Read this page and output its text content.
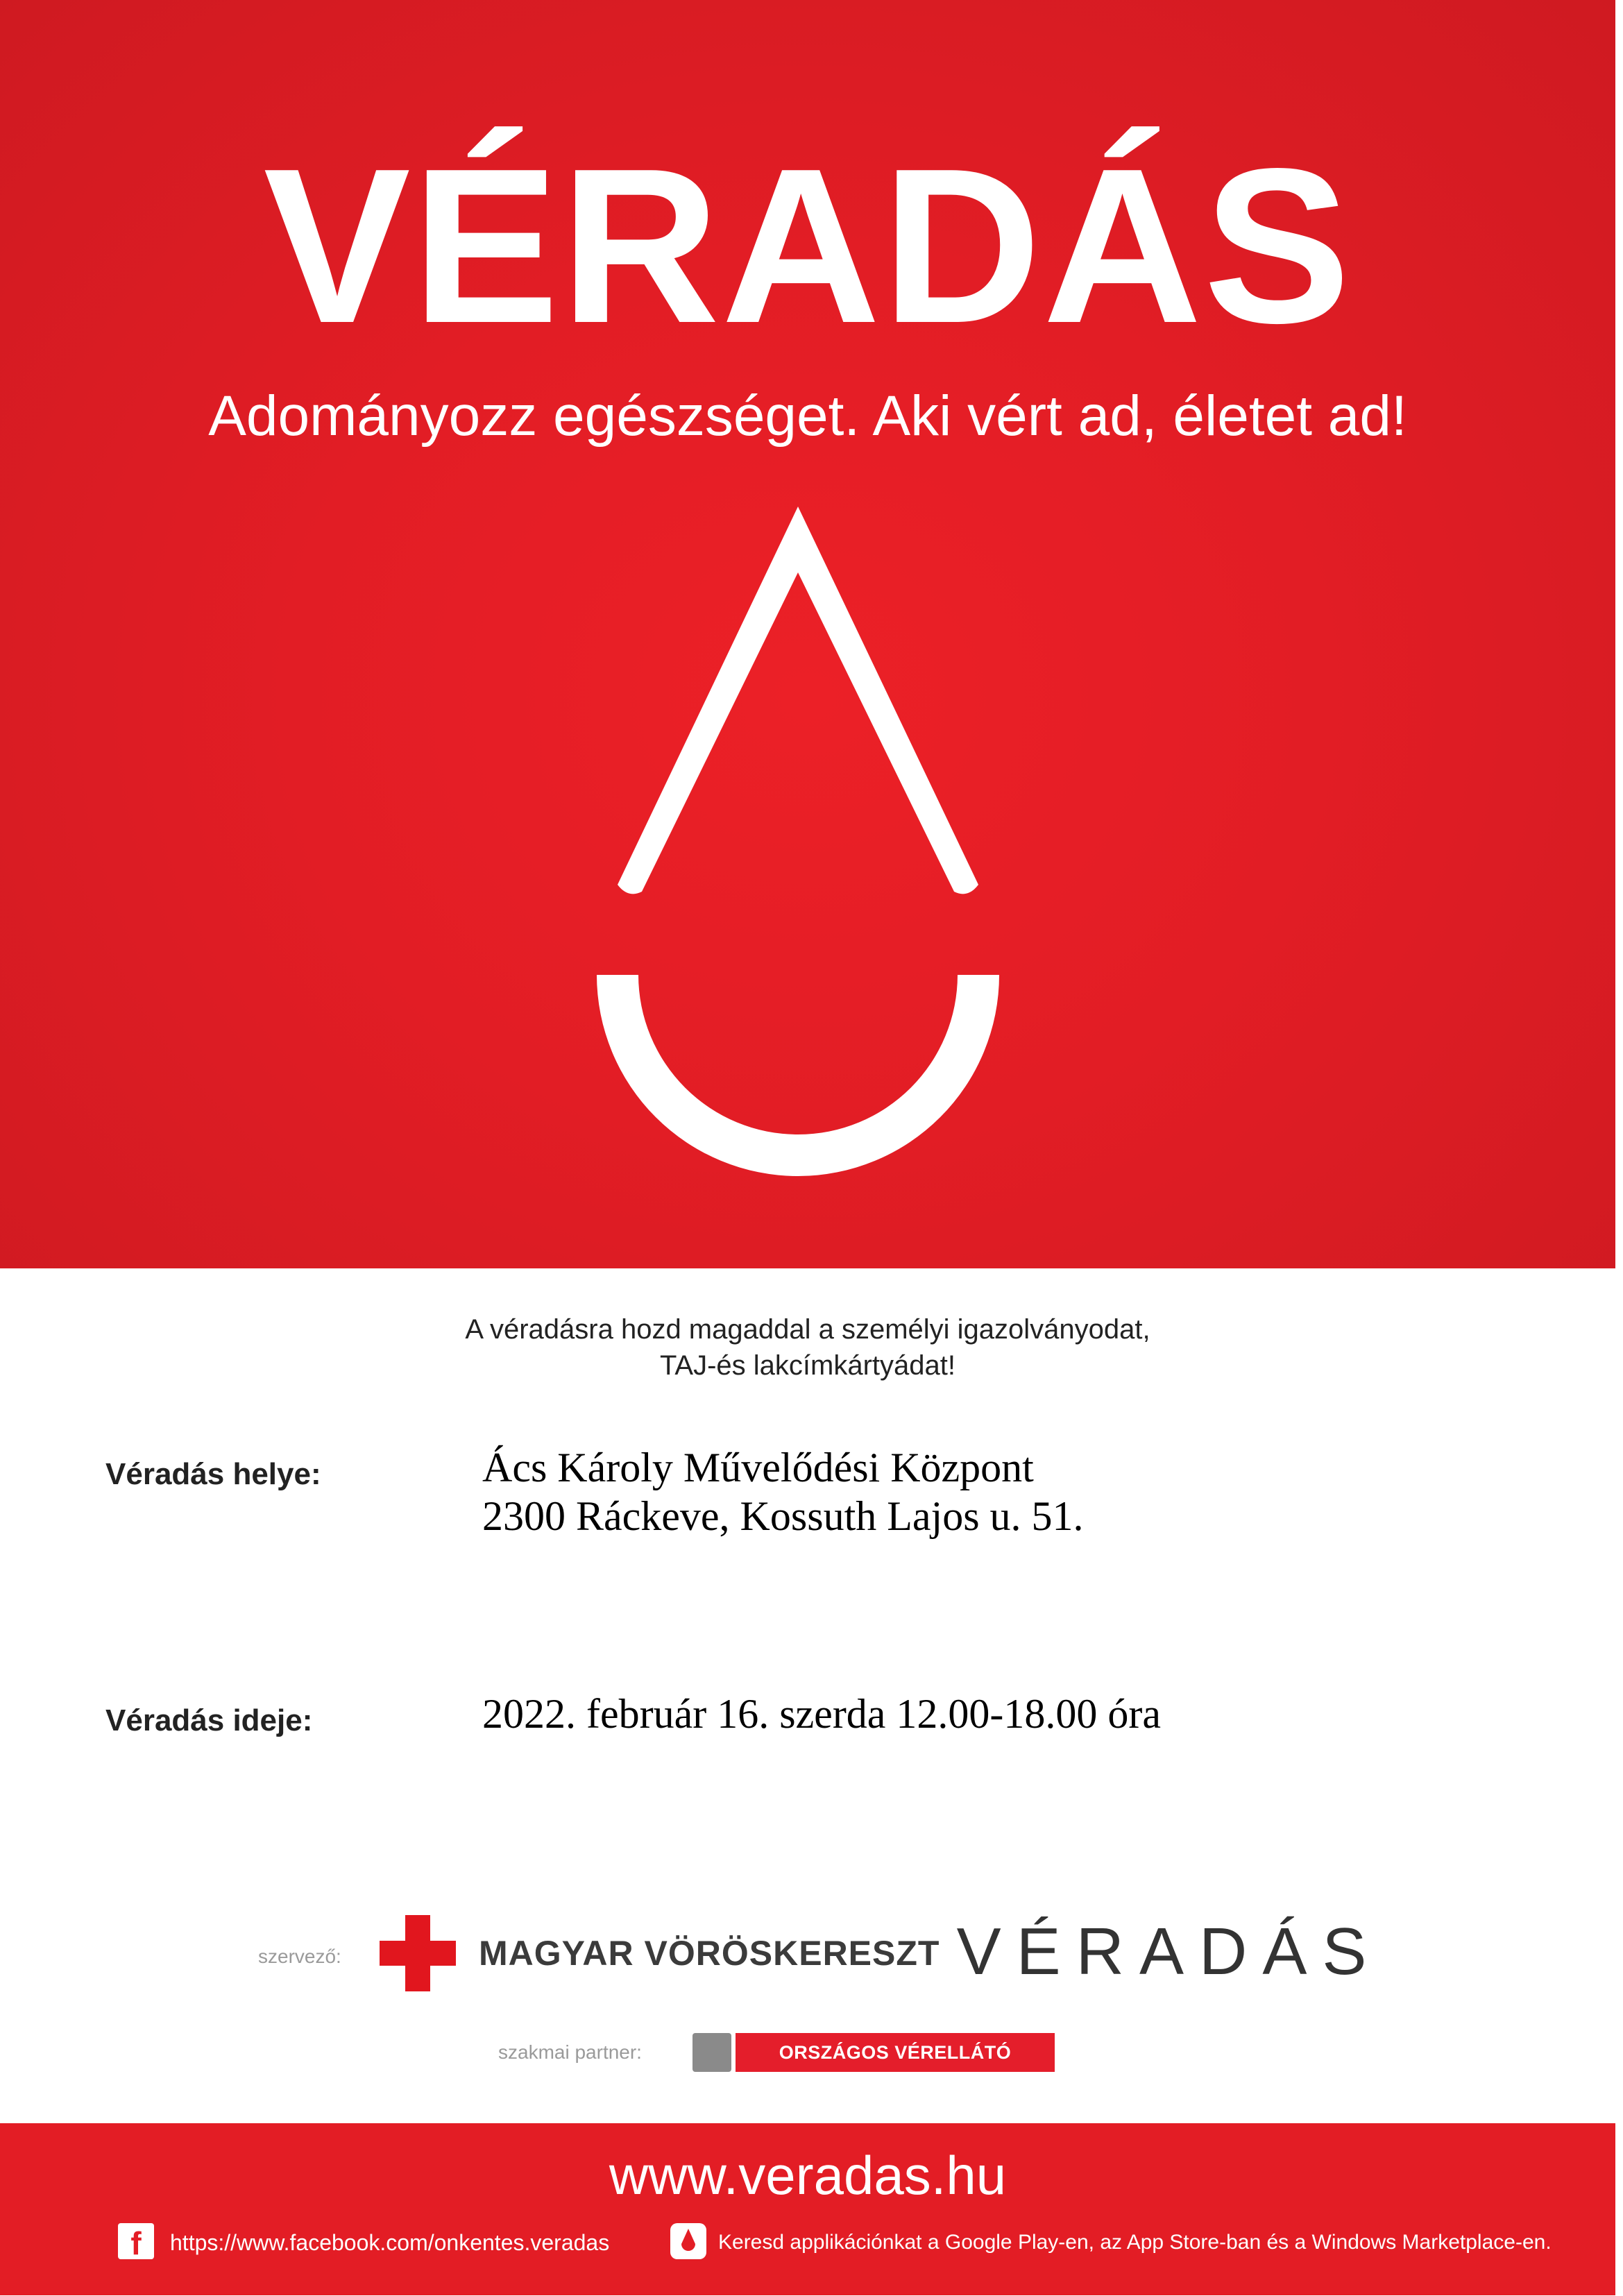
VÉRADÁS
Adományozz egészséget. Aki vért ad, életet ad!
A véradásra hozd magaddal a személyi igazolványodat,
TAJ-és lakcímkártyádat!
Véradás helye:	Ács Károly Művelődési Központ
2300 Ráckeve, Kossuth Lajos u. 51.
Véradás ideje:	2022. február 16. szerda 12.00-18.00 óra
szervező:	MAGYAR VÖRÖSKERESZT VÉRADÁS
szakmai partner:	ORSZÁGOS VÉRELLÁTÓ SZOLGÁLAT
www.veradas.hu
f	https://www.facebook.com/onkentes.veradas	Keresd applikációnkat a Google Play-en, az App Store-ban és a Windows Marketplace-en.
